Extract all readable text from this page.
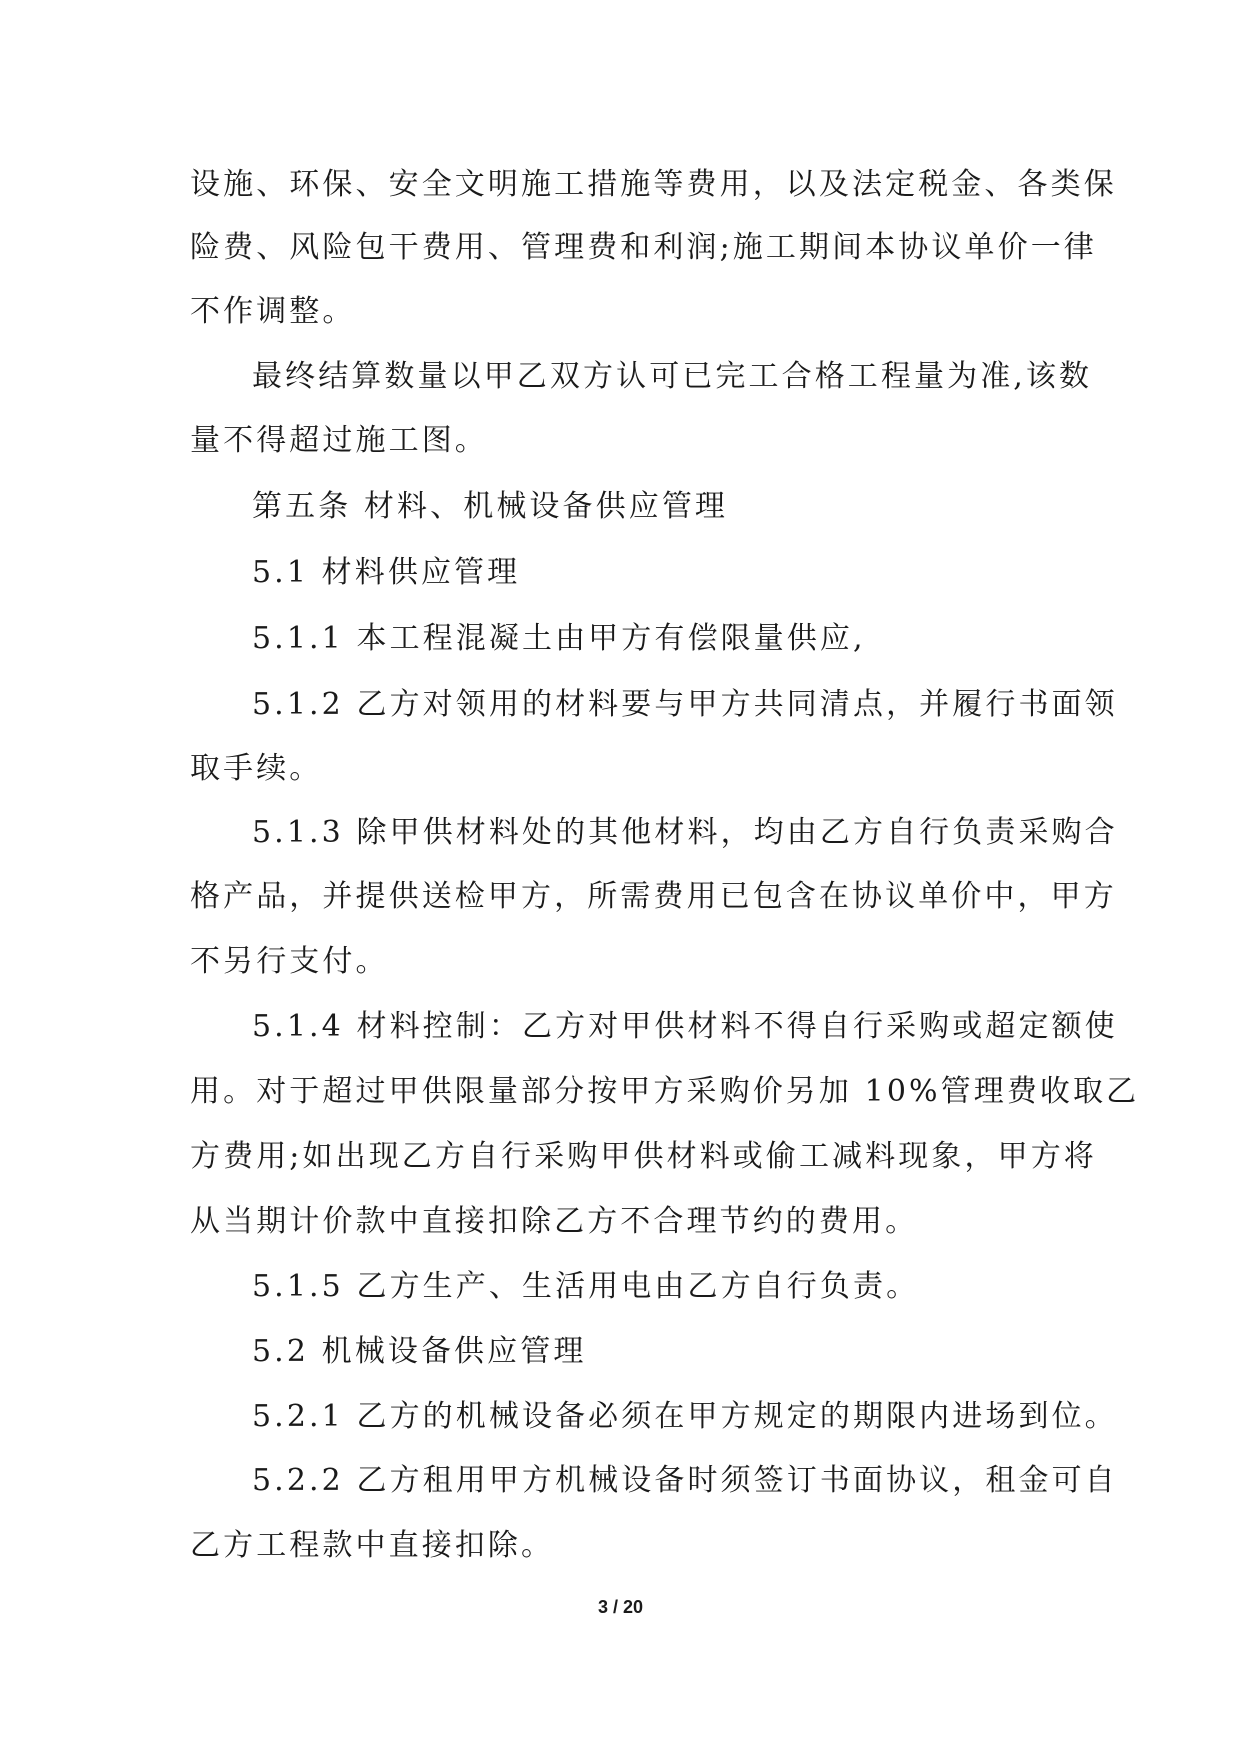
设施、环保、安全文明施工措施等费用，以及法定税金、各类保
险费、风险包干费用、管理费和利润;施工期间本协议单价一律
不作调整。
最终结算数量以甲乙双方认可已完工合格工程量为准,该数
量不得超过施工图。
第五条 材料、机械设备供应管理
5.1 材料供应管理
5.1.1 本工程混凝土由甲方有偿限量供应,
5.1.2 乙方对领用的材料要与甲方共同清点，并履行书面领
取手续。
5.1.3 除甲供材料处的其他材料，均由乙方自行负责采购合
格产品，并提供送检甲方，所需费用已包含在协议单价中，甲方
不另行支付。
5.1.4 材料控制：乙方对甲供材料不得自行采购或超定额使
用。对于超过甲供限量部分按甲方采购价另加 10%管理费收取乙
方费用;如出现乙方自行采购甲供材料或偷工减料现象，甲方将
从当期计价款中直接扣除乙方不合理节约的费用。
5.1.5 乙方生产、生活用电由乙方自行负责。
5.2 机械设备供应管理
5.2.1 乙方的机械设备必须在甲方规定的期限内进场到位。
5.2.2 乙方租用甲方机械设备时须签订书面协议，租金可自
乙方工程款中直接扣除。
3 / 20
